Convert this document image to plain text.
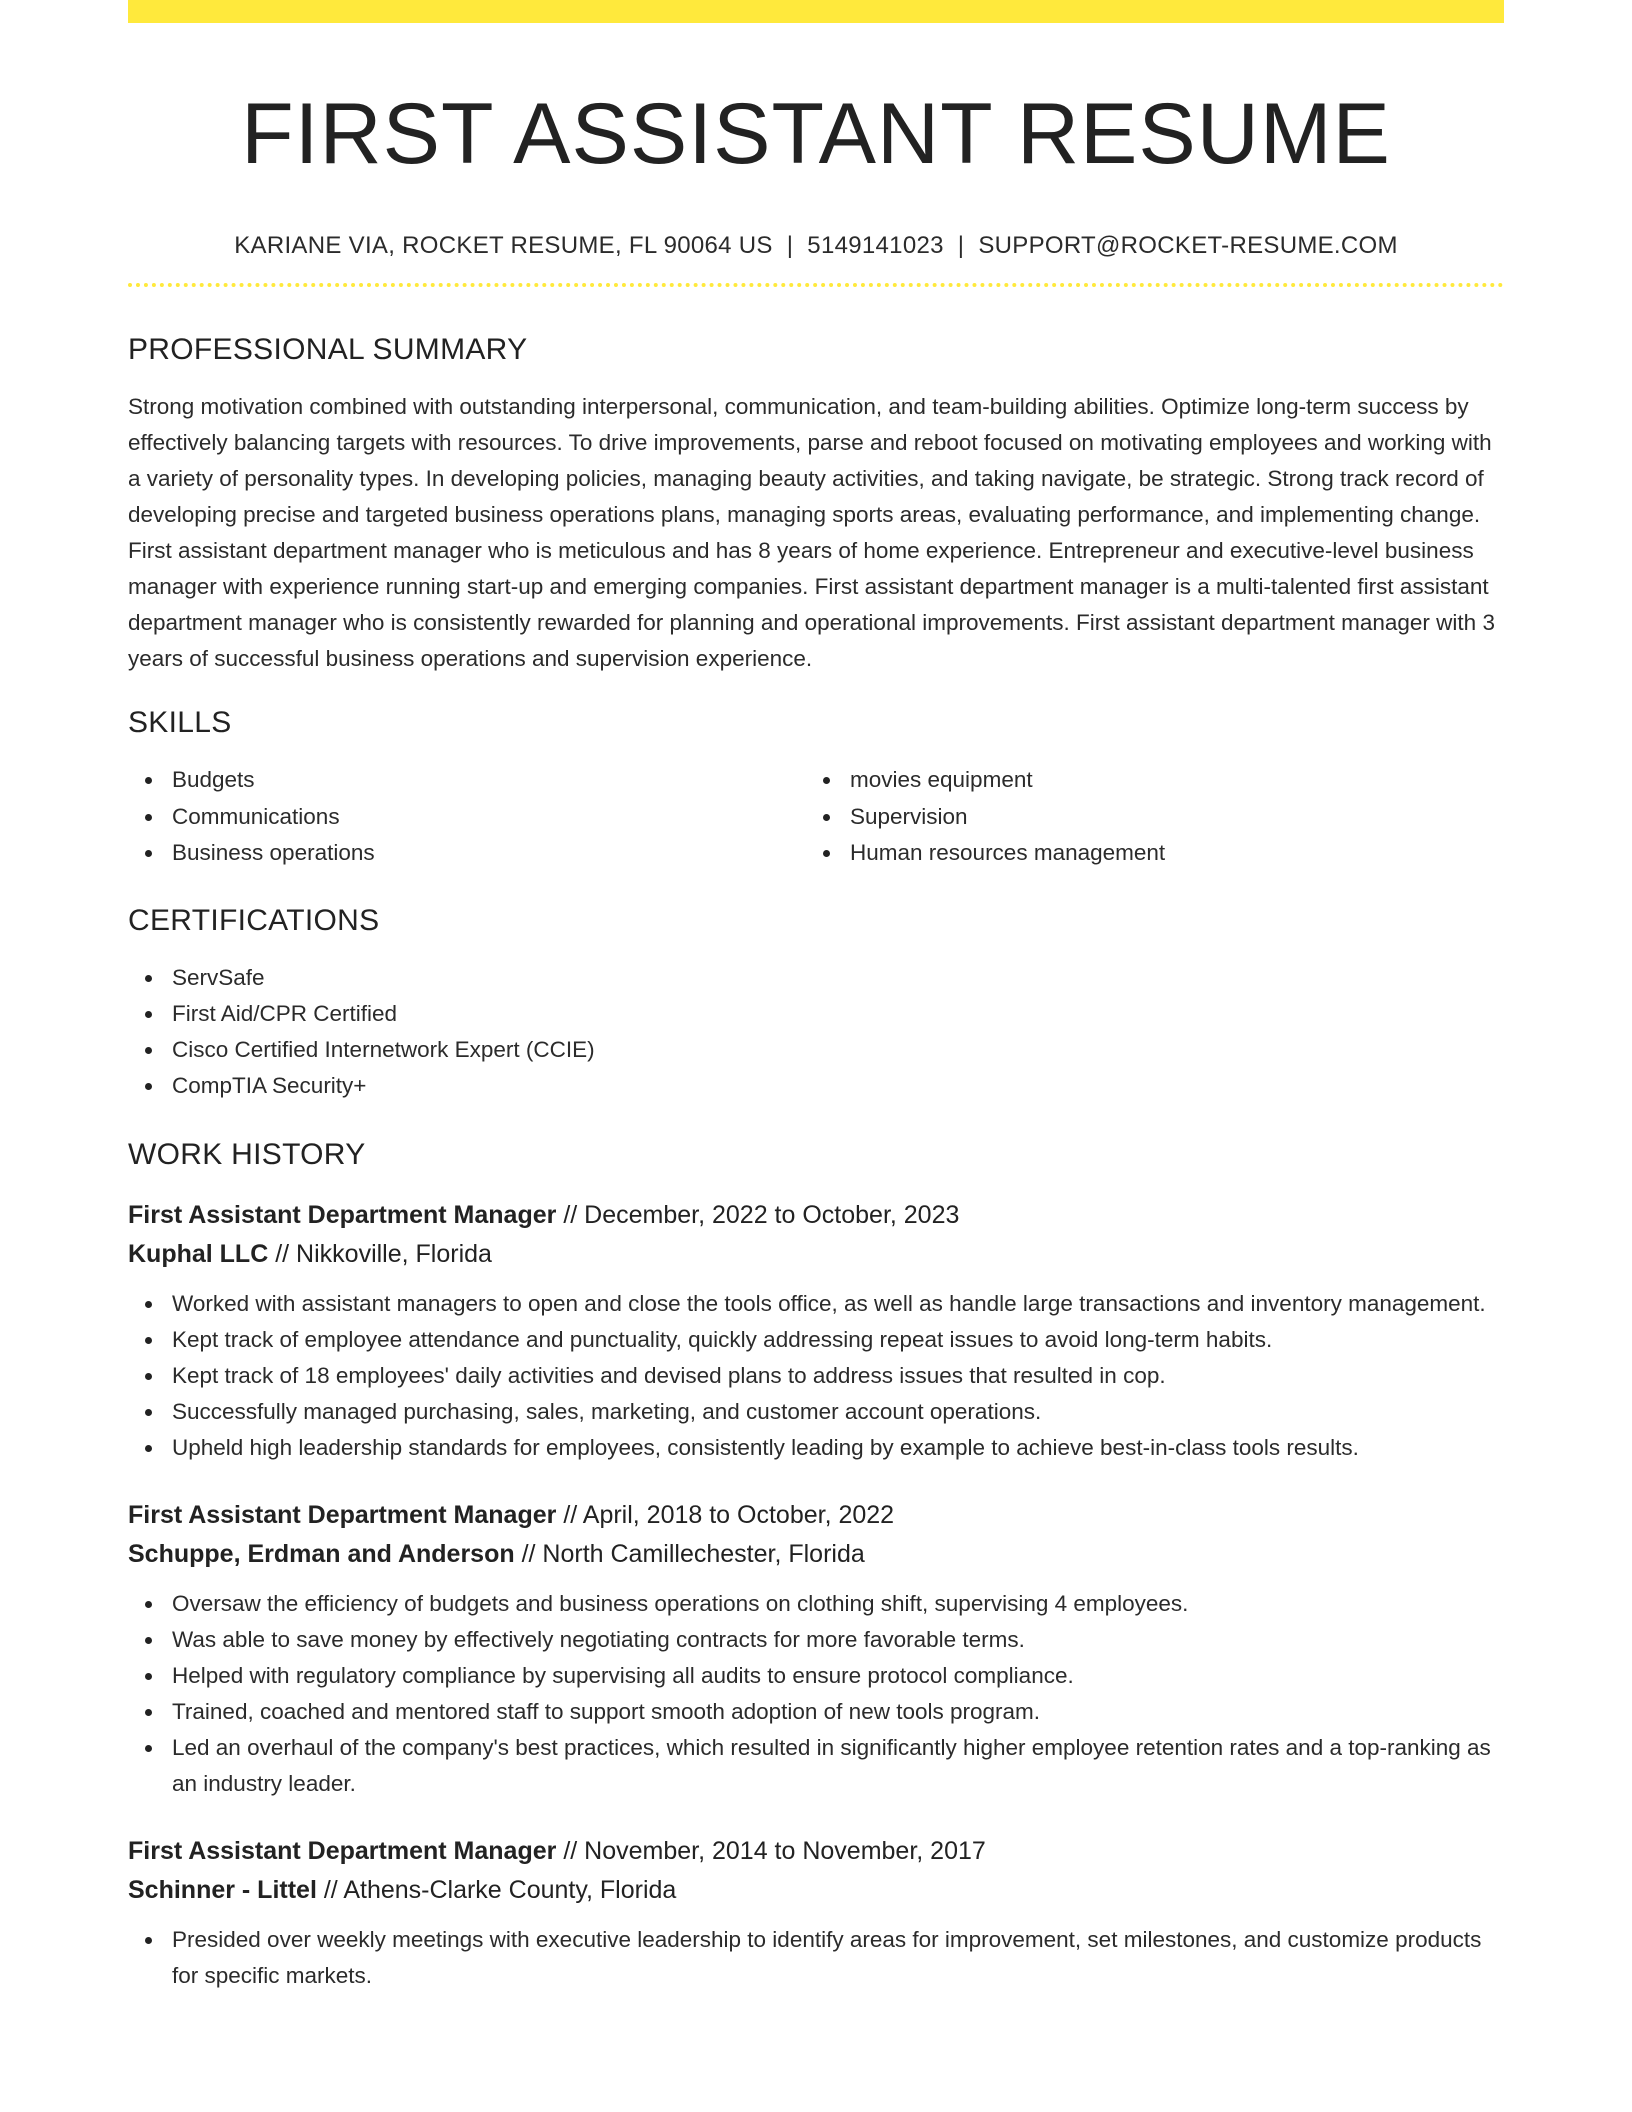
FIRST ASSISTANT RESUME
KARIANE VIA, ROCKET RESUME, FL 90064 US | 5149141023 | SUPPORT@ROCKET-RESUME.COM
PROFESSIONAL SUMMARY

Strong motivation combined with outstanding interpersonal, communication, and team-building abilities. Optimize long-term success by effectively balancing targets with resources. To drive improvements, parse and reboot focused on motivating employees and working with a variety of personality types. In developing policies, managing beauty activities, and taking navigate, be strategic. Strong track record of developing precise and targeted business operations plans, managing sports areas, evaluating performance, and implementing change. First assistant department manager who is meticulous and has 8 years of home experience. Entrepreneur and executive-level business manager with experience running start-up and emerging companies. First assistant department manager is a multi-talented first assistant department manager who is consistently rewarded for planning and operational improvements. First assistant department manager with 3 years of successful business operations and supervision experience.

SKILLS
Budgets
Communications
Business operations
movies equipment
Supervision
Human resources management
CERTIFICATIONS
ServSafe
First Aid/CPR Certified
Cisco Certified Internetwork Expert (CCIE)
CompTIA Security+
WORK HISTORY
First Assistant Department Manager // December, 2022 to October, 2023
Kuphal LLC // Nikkoville, Florida
Worked with assistant managers to open and close the tools office, as well as handle large transactions and inventory management.
Kept track of employee attendance and punctuality, quickly addressing repeat issues to avoid long-term habits.
Kept track of 18 employees' daily activities and devised plans to address issues that resulted in cop.
Successfully managed purchasing, sales, marketing, and customer account operations.
Upheld high leadership standards for employees, consistently leading by example to achieve best-in-class tools results.
First Assistant Department Manager // April, 2018 to October, 2022
Schuppe, Erdman and Anderson // North Camillechester, Florida
Oversaw the efficiency of budgets and business operations on clothing shift, supervising 4 employees.
Was able to save money by effectively negotiating contracts for more favorable terms.
Helped with regulatory compliance by supervising all audits to ensure protocol compliance.
Trained, coached and mentored staff to support smooth adoption of new tools program.
Led an overhaul of the company's best practices, which resulted in significantly higher employee retention rates and a top-ranking as an industry leader.
First Assistant Department Manager // November, 2014 to November, 2017
Schinner - Littel // Athens-Clarke County, Florida
Presided over weekly meetings with executive leadership to identify areas for improvement, set milestones, and customize products for specific markets.
